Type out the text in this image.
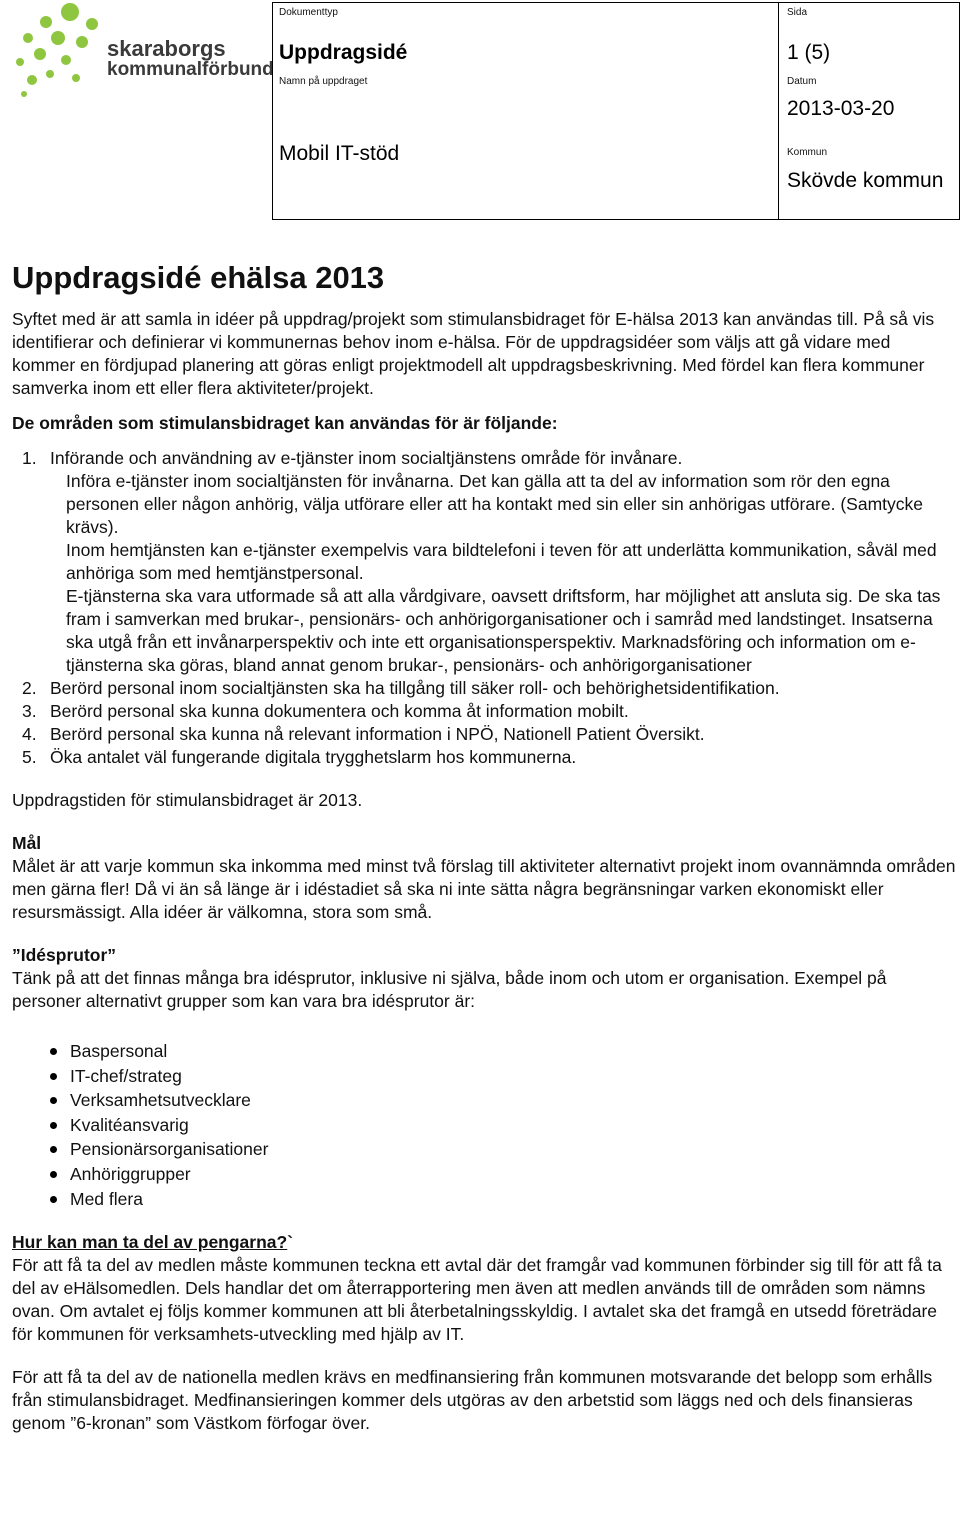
skaraborgs
kommunalförbund
Dokumenttyp
Uppdragsidé
Namn på uppdraget
Mobil IT-stöd
Sida
1 (5)
Datum
2013-03-20
Kommun
Skövde kommun
Uppdragsidé ehälsa 2013

Syftet med är att samla in idéer på uppdrag/projekt som stimulansbidraget för E-hälsa 2013 kan användas till. På så vis identifierar och definierar vi kommunernas behov inom e-hälsa. För de uppdragsidéer som väljs att gå vidare med kommer en fördjupad planering att göras enligt projektmodell alt uppdragsbeskrivning. Med fördel kan flera kommuner samverka inom ett eller flera aktiviteter/projekt.

De områden som stimulansbidraget kan användas för är följande:

1. Införande och användning av e-tjänster inom socialtjänstens område för invånare.
Införa e-tjänster inom socialtjänsten för invånarna. Det kan gälla att ta del av information som rör den egna personen eller någon anhörig, välja utförare eller att ha kontakt med sin eller sin anhörigas utförare. (Samtycke krävs).
Inom hemtjänsten kan e-tjänster exempelvis vara bildtelefoni i teven för att underlätta kommunikation, såväl med anhöriga som med hemtjänstpersonal.
E-tjänsterna ska vara utformade så att alla vårdgivare, oavsett driftsform, har möjlighet att ansluta sig. De ska tas fram i samverkan med brukar-, pensionärs- och anhörigorganisationer och i samråd med landstinget. Insatserna ska utgå från ett invånarperspektiv och inte ett organisationsperspektiv. Marknadsföring och information om e-tjänsterna ska göras, bland annat genom brukar-, pensionärs- och anhörigorganisationer
2. Berörd personal inom socialtjänsten ska ha tillgång till säker roll- och behörighetsidentifikation.
3. Berörd personal ska kunna dokumentera och komma åt information mobilt.
4. Berörd personal ska kunna nå relevant information i NPÖ, Nationell Patient Översikt.
5. Öka antalet väl fungerande digitala trygghetslarm hos kommunerna.

Uppdragstiden för stimulansbidraget är 2013.

Mål

Målet är att varje kommun ska inkomma med minst två förslag till aktiviteter alternativt projekt inom ovannämnda områden men gärna fler! Då vi än så länge är i idéstadiet så ska ni inte sätta några begränsningar varken ekonomiskt eller resursmässigt. Alla idéer är välkomna, stora som små.

”Idésprutor”

Tänk på att det finnas många bra idésprutor, inklusive ni själva, både inom och utom er organisation. Exempel på personer alternativt grupper som kan vara bra idésprutor är:

Baspersonal
IT-chef/strateg
Verksamhetsutvecklare
Kvalitéansvarig
Pensionärsorganisationer
Anhöriggrupper
Med flera

Hur kan man ta del av pengarna?`

För att få ta del av medlen måste kommunen teckna ett avtal där det framgår vad kommunen förbinder sig till för att få ta del av eHälsomedlen. Dels handlar det om återrapportering men även att medlen används till de områden som nämns ovan. Om avtalet ej följs kommer kommunen att bli återbetalningsskyldig. I avtalet ska det framgå en utsedd företrädare för kommunen för verksamhets-utveckling med hjälp av IT.

För att få ta del av de nationella medlen krävs en medfinansiering från kommunen motsvarande det belopp som erhålls från stimulansbidraget. Medfinansieringen kommer dels utgöras av den arbetstid som läggs ned och dels finansieras genom ”6-kronan” som Västkom förfogar över.
